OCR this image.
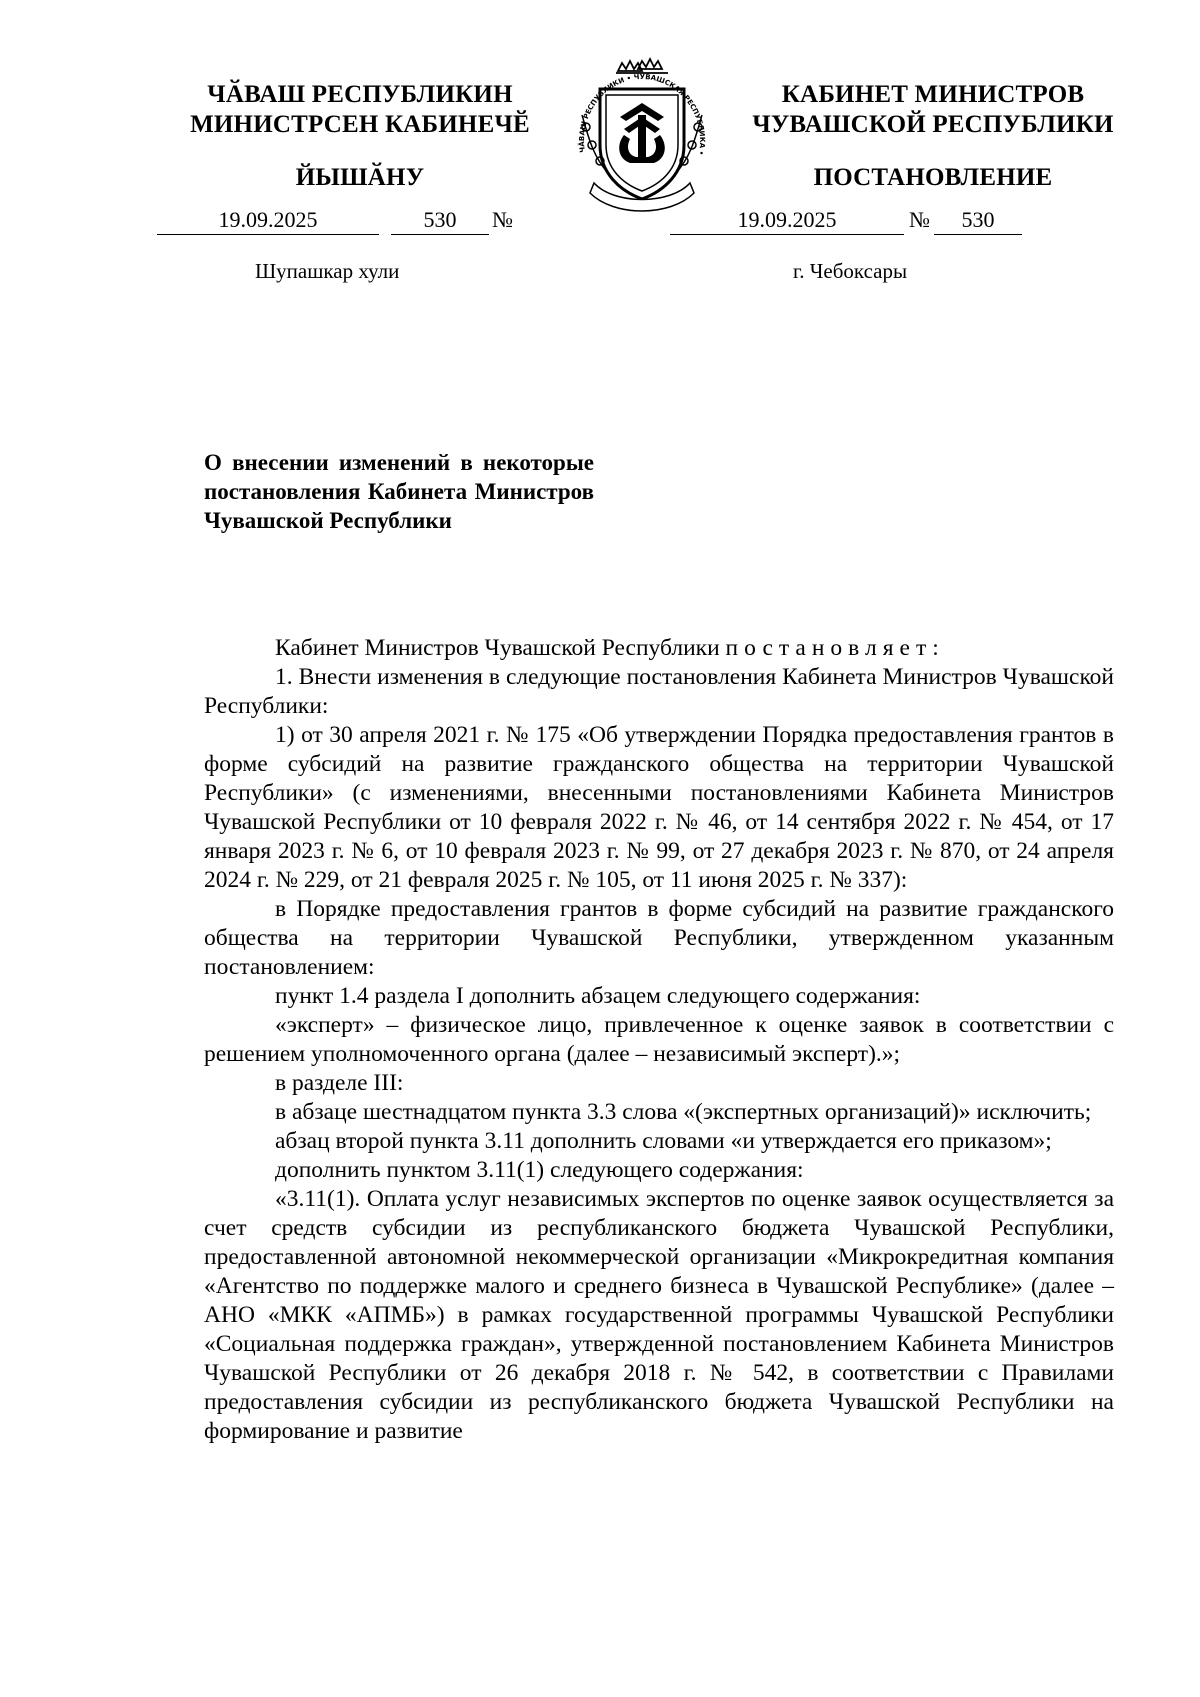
ЧӐВАШ РЕСПУБЛИКИН
МИНИСТРСЕН КАБИНЕЧӖ
ЙЫШӐНУ
КАБИНЕТ МИНИСТРОВ
ЧУВАШСКОЙ РЕСПУБЛИКИ
ПОСТАНОВЛЕНИЕ
ЧӐВАШ РЕСПУБЛИКИ • ЧУВАШСКАЯ РЕСПУБЛИКА •
19.09.2025	530	№	19.09.2025	№	530
Шупашкар хули	г. Чебоксары
О внесении изменений в некоторые постановления Кабинета Министров Чувашской Республики

Кабинет Министров Чувашской Республики постановляет:

1. Внести изменения в следующие постановления Кабинета Министров Чувашской Республики:

1) от 30 апреля 2021 г. № 175 «Об утверждении Порядка предоставления грантов в форме субсидий на развитие гражданского общества на территории Чувашской Республики» (с изменениями, внесенными постановлениями Кабинета Министров Чувашской Республики от 10 февраля 2022 г. № 46, от 14 сентября 2022 г. № 454, от 17 января 2023 г. № 6, от 10 февраля 2023 г. № 99, от 27 декабря 2023 г. № 870, от 24 апреля 2024 г. № 229, от 21 февраля 2025 г. № 105, от 11 июня 2025 г. № 337):

в Порядке предоставления грантов в форме субсидий на развитие гражданского общества на территории Чувашской Республики, утвержденном указанным постановлением:

пункт 1.4 раздела I дополнить абзацем следующего содержания:

«эксперт» – физическое лицо, привлеченное к оценке заявок в соответствии с решением уполномоченного органа (далее – независимый эксперт).»;

в разделе III:

в абзаце шестнадцатом пункта 3.3 слова «(экспертных организаций)» исключить;

абзац второй пункта 3.11 дополнить словами «и утверждается его приказом»;

дополнить пунктом 3.11(1) следующего содержания:

«3.11(1). Оплата услуг независимых экспертов по оценке заявок осуществляется за счет средств субсидии из республиканского бюджета Чувашской Республики, предоставленной автономной некоммерческой организации «Микрокредитная компания «Агентство по поддержке малого и среднего бизнеса в Чувашской Республике» (далее – АНО «МКК «АПМБ») в рамках государственной программы Чувашской Республики «Социальная поддержка граждан», утвержденной постановлением Кабинета Министров Чувашской Республики от 26 декабря 2018 г. № 542, в соответствии с Правилами предоставления субсидии из республиканского бюджета Чувашской Республики на формирование и развитие
